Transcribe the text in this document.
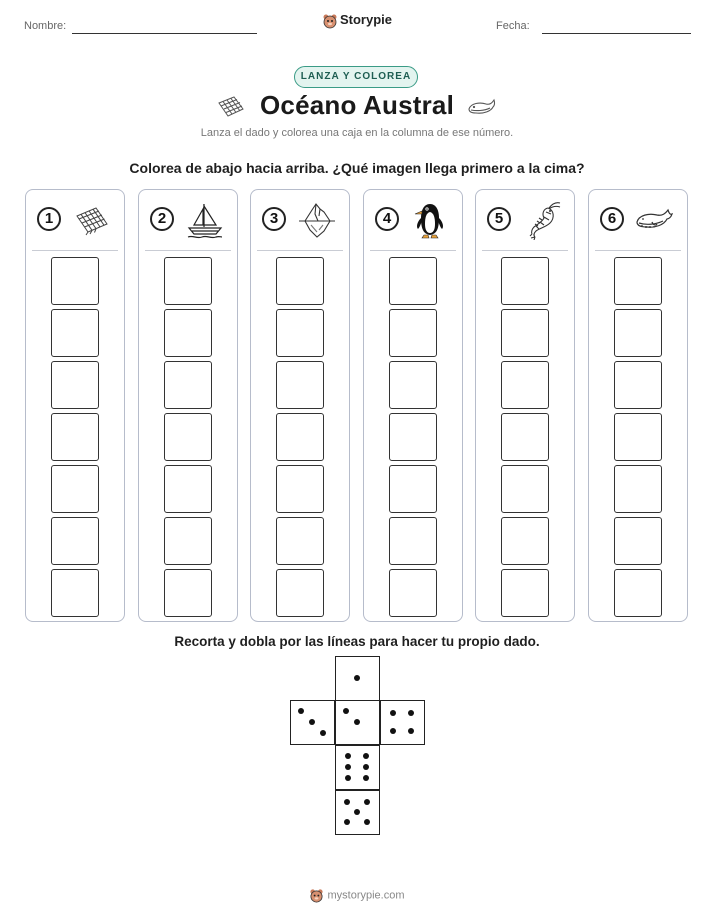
Nombre:	Storypie	Fecha:
LANZA Y COLOREA
Océano Austral
Lanza el dado y colorea una caja en la columna de ese número.
Colorea de abajo hacia arriba. ¿Qué imagen llega primero a la cima?
1	2	3	4	5	6
Recorta y dobla por las líneas para hacer tu propio dado.
mystorypie.com
